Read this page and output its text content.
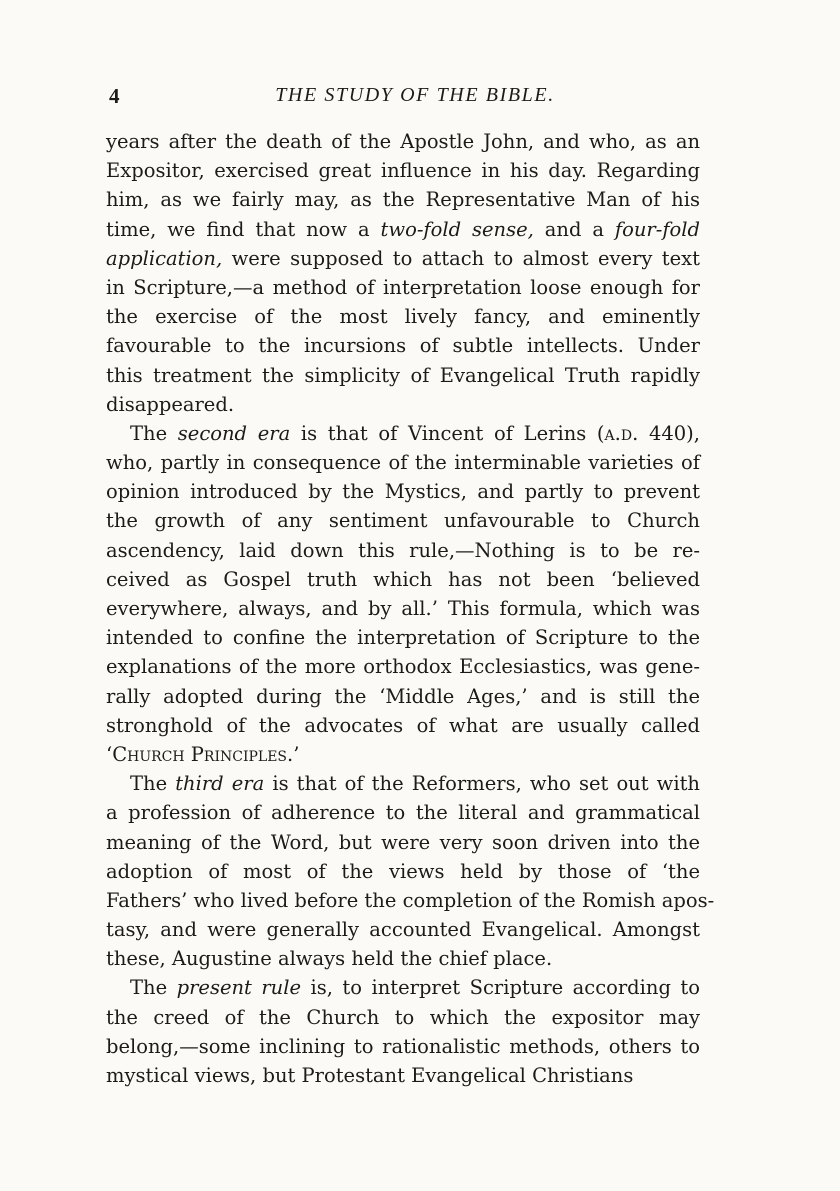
4	THE STUDY OF THE BIBLE.
years after the death of the Apostle John, and who, as an
Expositor, exercised great influence in his day. Regarding
him, as we fairly may, as the Representative Man of his
time, we find that now a two-fold sense, and a four-fold
application, were supposed to attach to almost every text
in Scripture,—a method of interpretation loose enough for
the exercise of the most lively fancy, and eminently
favourable to the incursions of subtle intellects. Under
this treatment the simplicity of Evangelical Truth rapidly
disappeared.
The second era is that of Vincent of Lerins (a.d. 440),
who, partly in consequence of the interminable varieties of
opinion introduced by the Mystics, and partly to prevent
the growth of any sentiment unfavourable to Church
ascendency, laid down this rule,—Nothing is to be re-
ceived as Gospel truth which has not been ‘believed
everywhere, always, and by all.’ This formula, which was
intended to confine the interpretation of Scripture to the
explanations of the more orthodox Ecclesiastics, was gene-
rally adopted during the ‘Middle Ages,’ and is still the
stronghold of the advocates of what are usually called
‘Church Principles.’
The third era is that of the Reformers, who set out with
a profession of adherence to the literal and grammatical
meaning of the Word, but were very soon driven into the
adoption of most of the views held by those of ‘the
Fathers’ who lived before the completion of the Romish apos-
tasy, and were generally accounted Evangelical. Amongst
these, Augustine always held the chief place.
The present rule is, to interpret Scripture according to
the creed of the Church to which the expositor may
belong,—some inclining to rationalistic methods, others to
mystical views, but Protestant Evangelical Christians
